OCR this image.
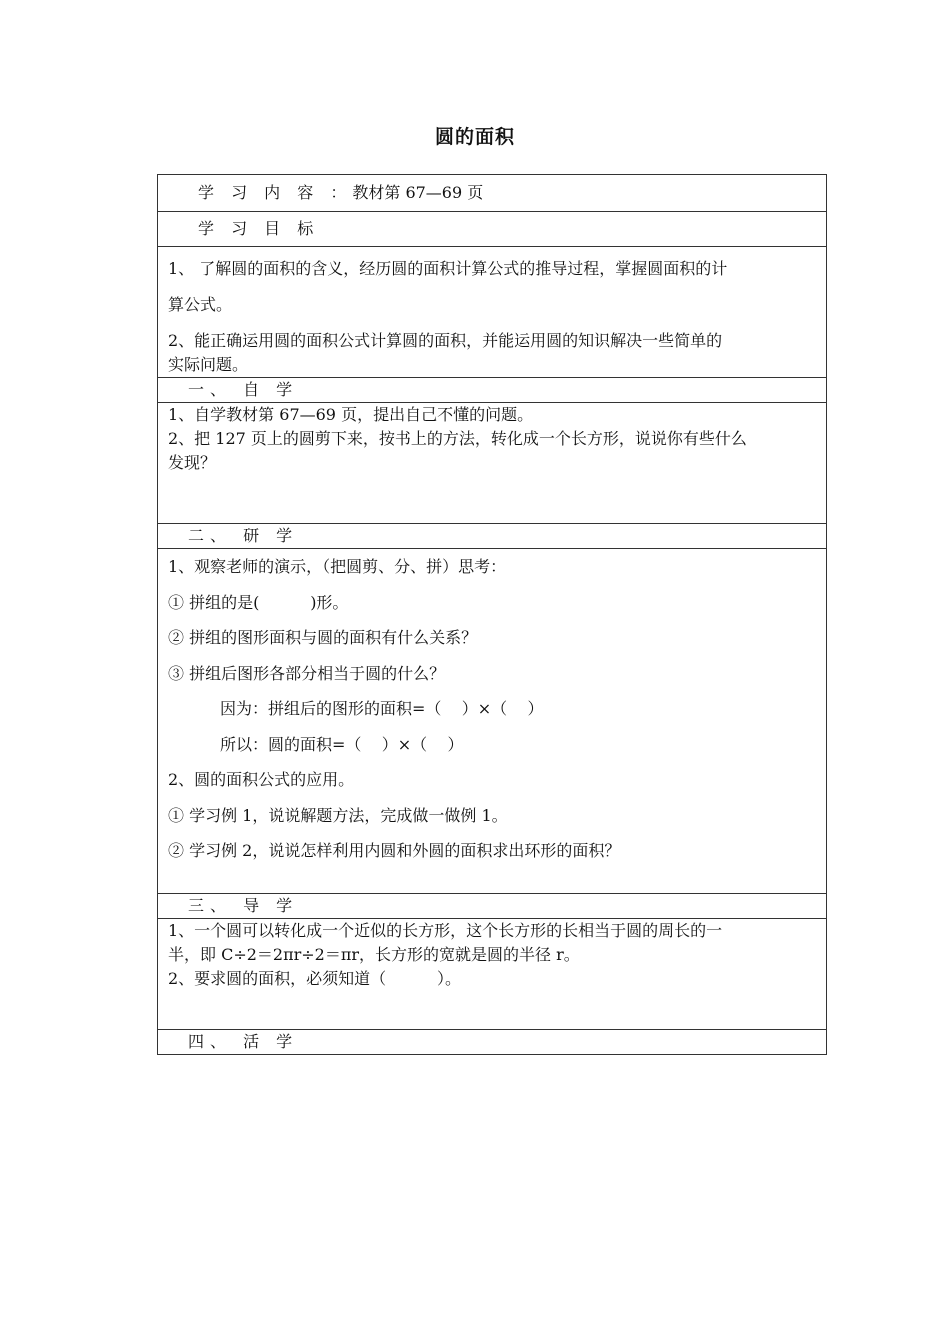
圆的面积
学 习 内 容 ：教材第 67—69 页
学 习 目 标

1、 了解圆的面积的含义，经历圆的面积计算公式的推导过程，掌握圆面积的计

算公式。

2、能正确运用圆的面积公式计算圆的面积，并能运用圆的知识解决一些简单的

实际问题。

一、 自 学

1、自学教材第 67—69 页，提出自己不懂的问题。

2、把 127 页上的圆剪下来，按书上的方法，转化成一个长方形，说说你有些什么

发现？

二、 研 学

1、观察老师的演示，（把圆剪、分、拼）思考：

① 拼组的是(          )形。

② 拼组的图形面积与圆的面积有什么关系？

③ 拼组后图形各部分相当于圆的什么？

因为：拼组后的图形的面积=（    ）×（    ）

所以：圆的面积=（    ）×（    ）

2、圆的面积公式的应用。

① 学习例 1，说说解题方法，完成做一做例 1。

② 学习例 2，说说怎样利用内圆和外圆的面积求出环形的面积？

三、 导 学

1、一个圆可以转化成一个近似的长方形，这个长方形的长相当于圆的周长的一

半，即 C÷2＝2πr÷2＝πr，长方形的宽就是圆的半径 r。

2、要求圆的面积，必须知道（          ）。

四、 活 学
